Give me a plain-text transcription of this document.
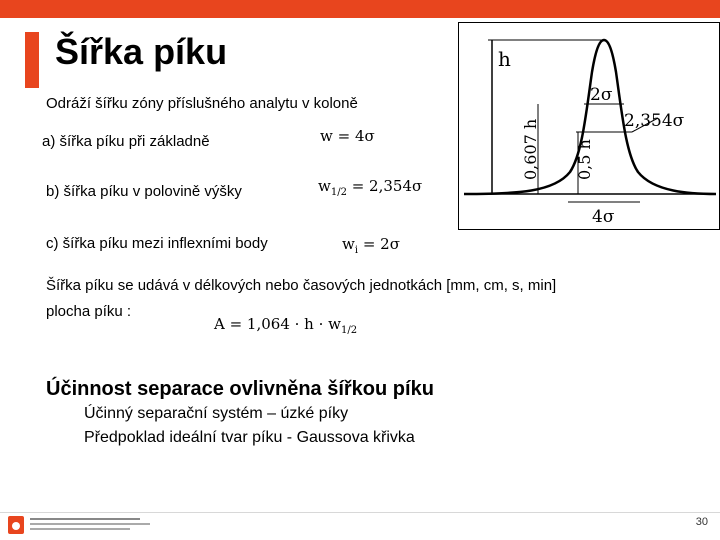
Šířka píku
Odráží šířku zóny příslušného analytu v koloně
a) šířka píku při základně	w = 4σ
b) šířka píku v polovině výšky	$w_{1/2} = 2,354\sigma$
c) šířka píku mezi inflexními body	$w_i = 2\sigma$
Šířka píku se udává v délkových nebo časových jednotkách [mm, cm, s, min]
plocha píku :
$A = 1,064 \cdot h \cdot w_{1/2}$
Účinnost separace ovlivněna šířkou píku
Účinný separační systém – úzké píky
Předpoklad ideální tvar píku - Gaussova křivka
h
2σ
2,354σ
0,607 h 0,5 h
4σ
30
